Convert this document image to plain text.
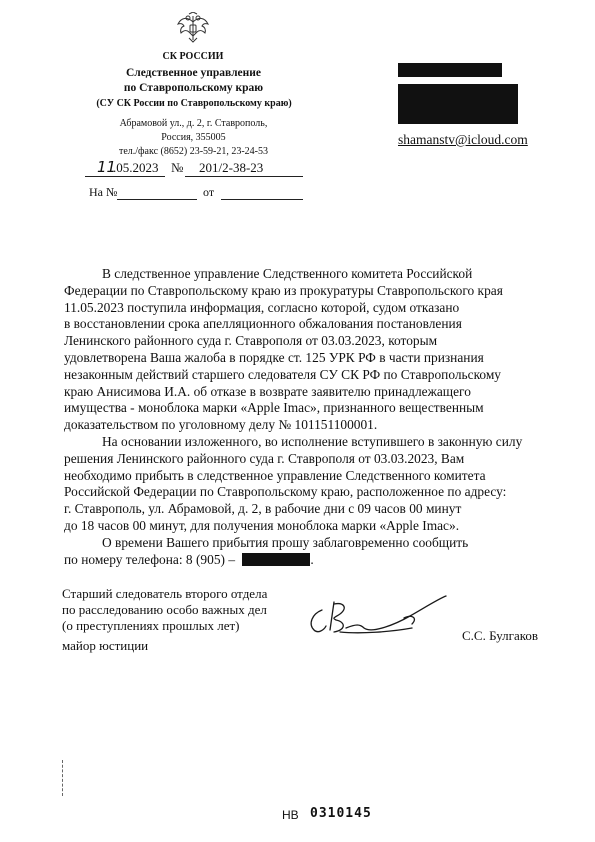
СК РОССИИ
Следственное управление
по Ставропольскому краю
(СУ СК России по Ставропольскому краю)
Абрамовой ул., д. 2, г. Ставрополь,
Россия, 355005
тел./факс (8652) 23-59-21, 23-24-53
11
.05.2023 № 201/2-38-23
На №	от
shamanstv@icloud.com
В следственное управление Следственного комитета Российской
Федерации по Ставропольскому краю из прокуратуры Ставропольского края
11.05.2023 поступила информация, согласно которой, судом отказано
в восстановлении срока апелляционного обжалования постановления
Ленинского районного суда г. Ставрополя от 03.03.2023, которым
удовлетворена Ваша жалоба в порядке ст. 125 УРК РФ в части признания
незаконным действий старшего следователя СУ СК РФ по Ставропольскому
краю Анисимова И.А. об отказе в возврате заявителю принадлежащего
имущества - моноблока марки «Apple Imac», признанного вещественным
доказательством по уголовному делу № 101151100001.
На основании изложенного, во исполнение вступившего в законную силу
решения Ленинского районного суда г. Ставрополя от 03.03.2023, Вам
необходимо прибыть в следственное управление Следственного комитета
Российской Федерации по Ставропольскому краю, расположенное по адресу:
г. Ставрополь, ул. Абрамовой, д. 2, в рабочие дни с 09 часов 00 минут
до 18 часов 00 минут, для получения моноблока марки «Apple Imac».
О времени Вашего прибытия прошу заблаговременно сообщить
по номеру телефона: 8 (905) –	.
Старший следователь второго отдела
по расследованию особо важных дел
(о преступлениях прошлых лет)
майор юстиции
С.С. Булгаков
НВ 0310145
